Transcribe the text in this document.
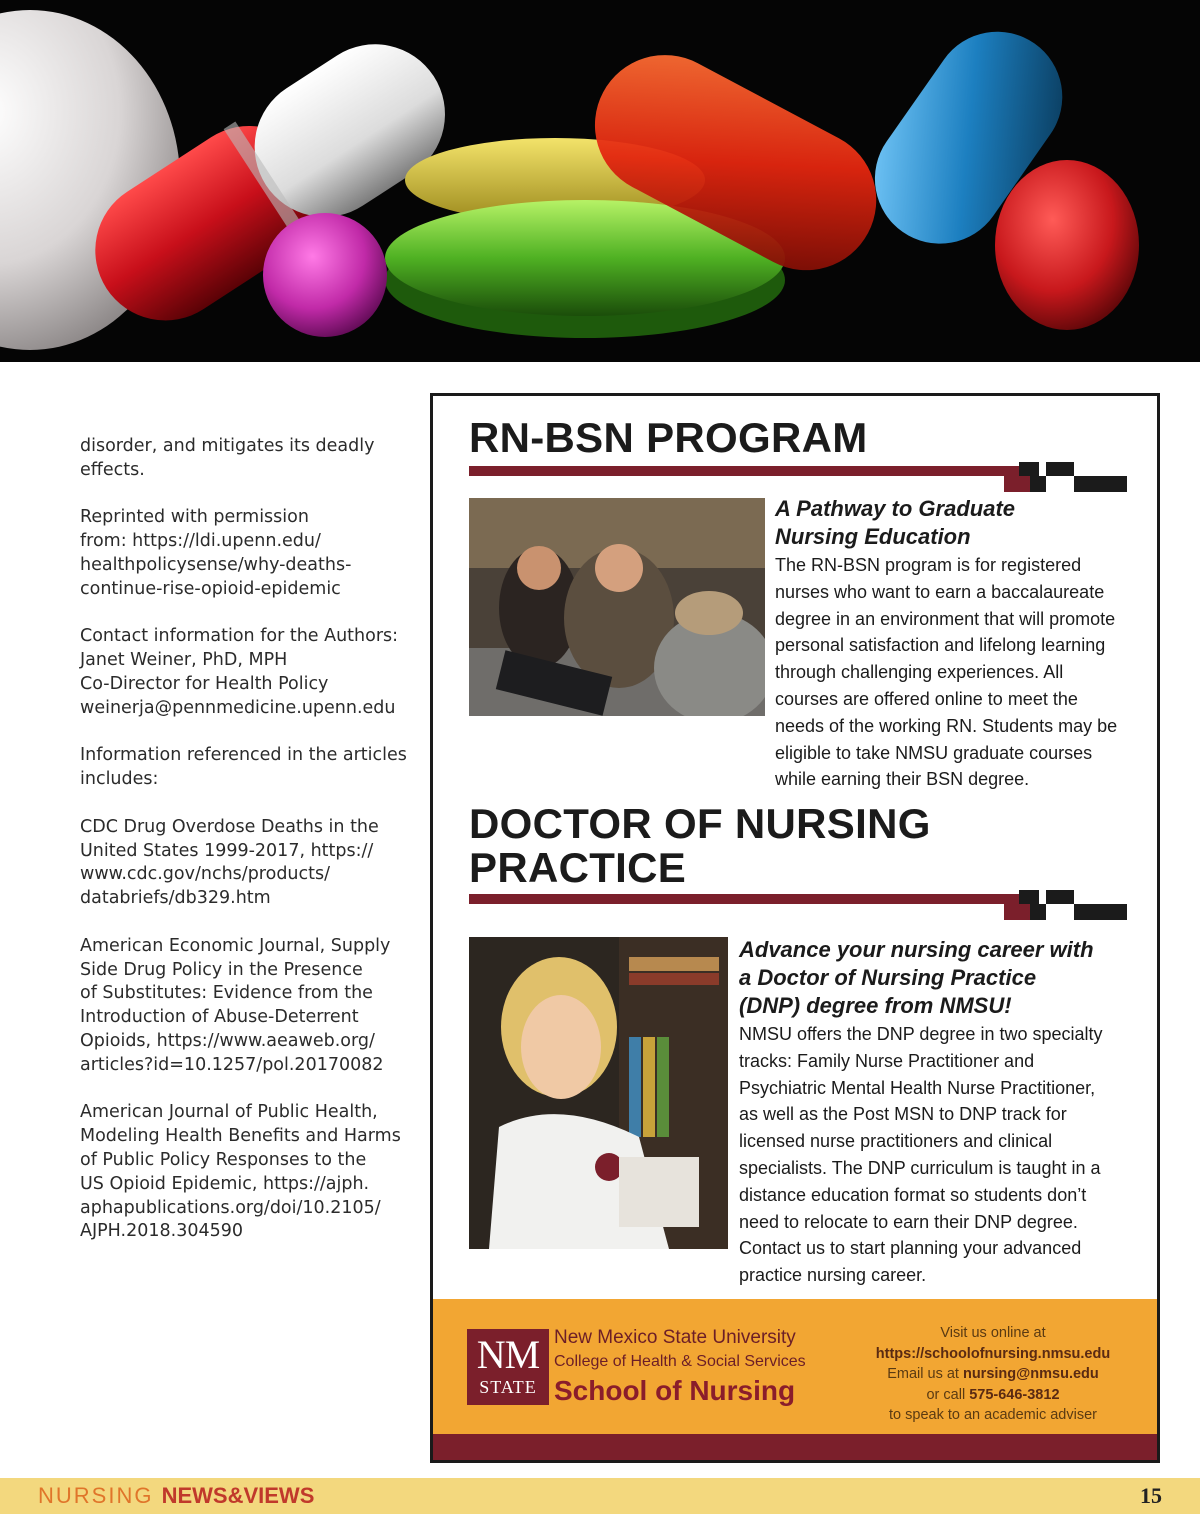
disorder, and mitigates its deadly
effects.

Reprinted with permission
from: https://ldi.upenn.edu/
healthpolicysense/why-deaths-
continue-rise-opioid-epidemic

Contact information for the Authors:
Janet Weiner, PhD, MPH
Co-Director for Health Policy
weinerja@pennmedicine.upenn.edu

Information referenced in the articles
includes:

CDC Drug Overdose Deaths in the
United States 1999-2017, https://
www.cdc.gov/nchs/products/
databriefs/db329.htm

American Economic Journal, Supply
Side Drug Policy in the Presence
of Substitutes: Evidence from the
Introduction of Abuse-Deterrent
Opioids, https://www.aeaweb.org/
articles?id=10.1257/pol.20170082

American Journal of Public Health,
Modeling Health Benefits and Harms
of Public Policy Responses to the
US Opioid Epidemic, https://ajph.
aphapublications.org/doi/10.2105/
AJPH.2018.304590

RN-BSN PROGRAM

A Pathway to Graduate
Nursing Education

The RN-BSN program is for registered
nurses who want to earn a baccalaureate
degree in an environment that will promote
personal satisfaction and lifelong learning
through challenging experiences. All
courses are offered online to meet the
needs of the working RN. Students may be
eligible to take NMSU graduate courses
while earning their BSN degree.

DOCTOR OF NURSING
PRACTICE

Advance your nursing career with
a Doctor of Nursing Practice
(DNP) degree from NMSU!

NMSU offers the DNP degree in two specialty
tracks: Family Nurse Practitioner and
Psychiatric Mental Health Nurse Practitioner,
as well as the Post MSN to DNP track for
licensed nurse practitioners and clinical
specialists. The DNP curriculum is taught in a
distance education format so students don’t
need to relocate to earn their DNP degree.
Contact us to start planning your advanced
practice nursing career.

NM
STATE

New Mexico State University

College of Health & Social Services

School of Nursing

Visit us online at
https://schoolofnursing.nmsu.edu
Email us at nursing@nmsu.edu
or call 575-646-3812
to speak to an academic adviser

NURSING NEWS&VIEWS	15
